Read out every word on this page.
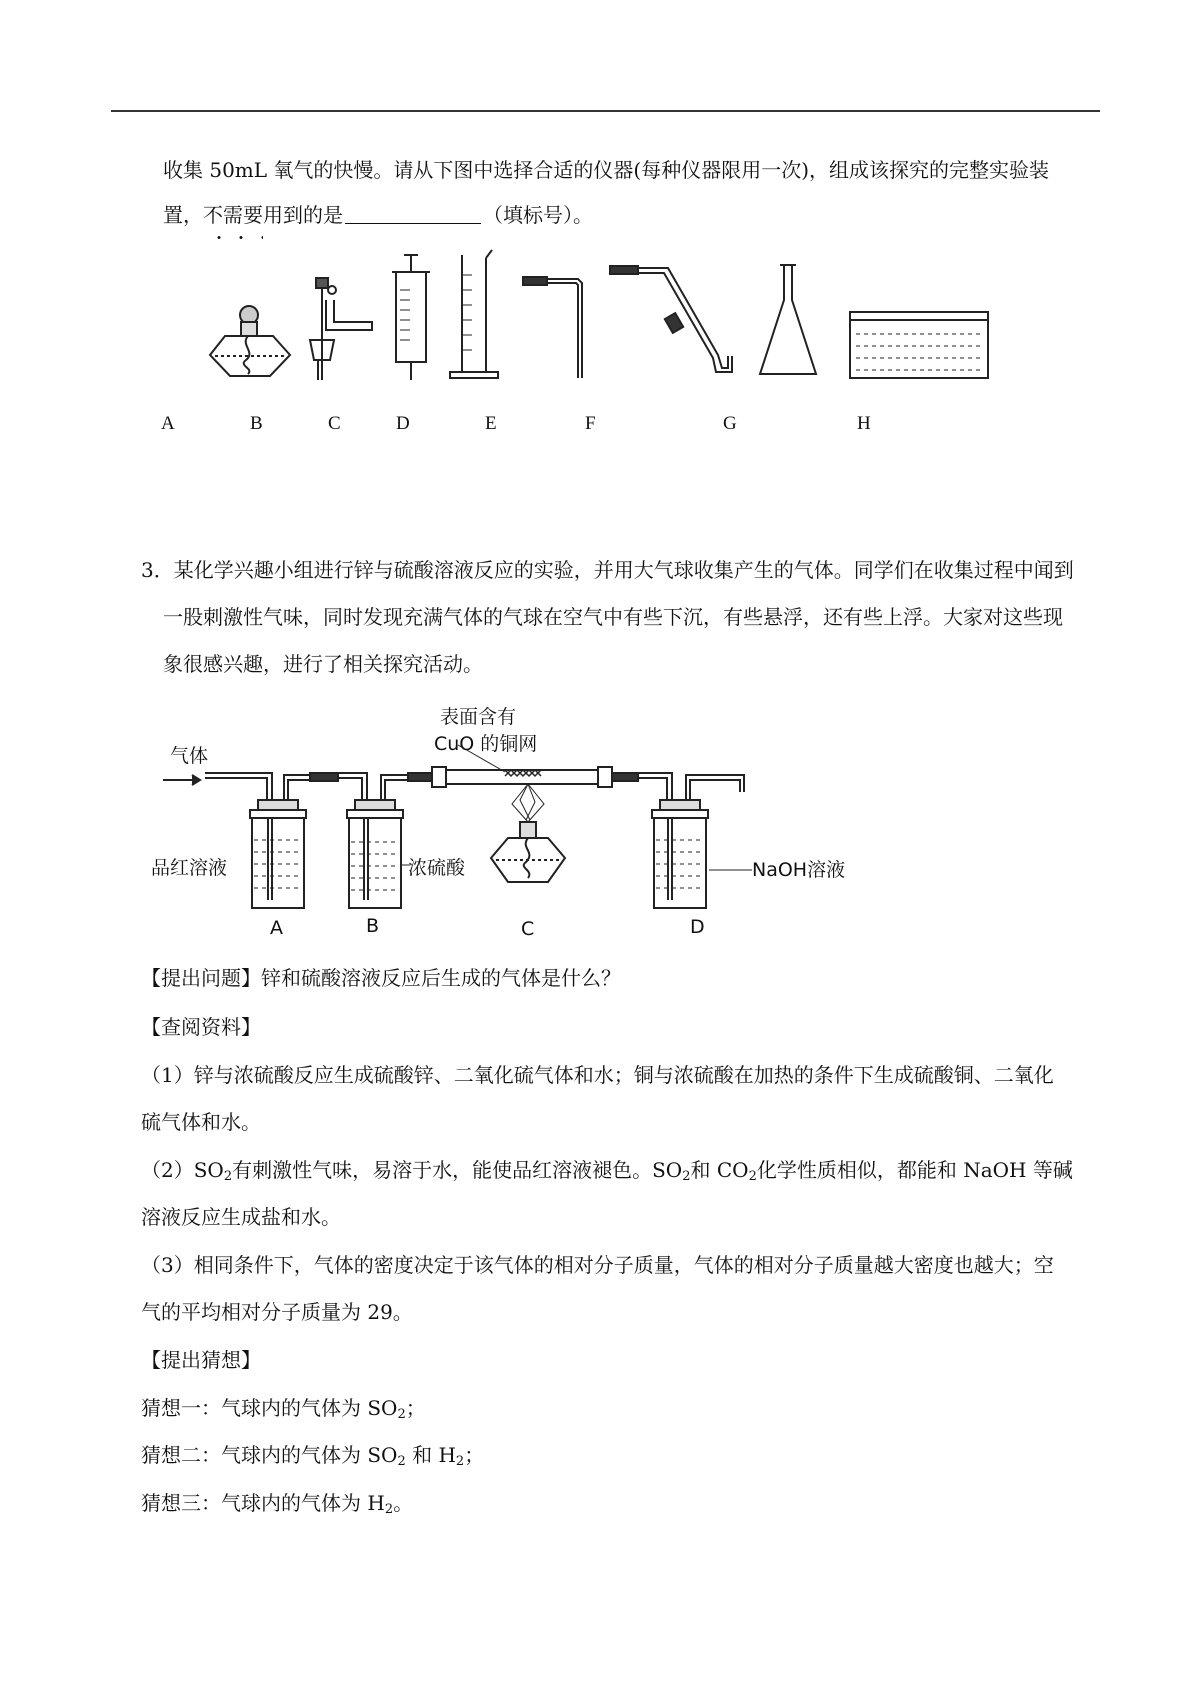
收集 50mL 氧气的快慢。请从下图中选择合适的仪器(每种仪器限用一次)，组成该探究的完整实验装
置，不需要用到的是	（填标号）。
A	B	C	D	E	F	G	H
3．某化学兴趣小组进行锌与硫酸溶液反应的实验，并用大气球收集产生的气体。同学们在收集过程中闻到
一股刺激性气味，同时发现充满气体的气球在空气中有些下沉，有些悬浮，还有些上浮。大家对这些现
象很感兴趣，进行了相关探究活动。
气体
表面含有
CuO 的铜网
品红溶液	浓硫酸	NaOH溶液
A	B	C	D
【提出问题】锌和硫酸溶液反应后生成的气体是什么？
【查阅资料】
（1）锌与浓硫酸反应生成硫酸锌、二氧化硫气体和水；铜与浓硫酸在加热的条件下生成硫酸铜、二氧化
硫气体和水。
$(2)SO_2$有刺激性气味，易溶于水，能使品红溶液褪色。$SO_2$和 $CO_2$化学性质相似，都能和 NaOH 等碱
溶液反应生成盐和水。
（3）相同条件下，气体的密度决定于该气体的相对分子质量，气体的相对分子质量越大密度也越大；空
气的平均相对分子质量为 29。
【提出猜想】
猜想一：气球内的气体为 $SO_2$；
猜想二：气球内的气体为 $SO_2$ 和 $H_2$；
猜想三：气球内的气体为 $H_2$。
